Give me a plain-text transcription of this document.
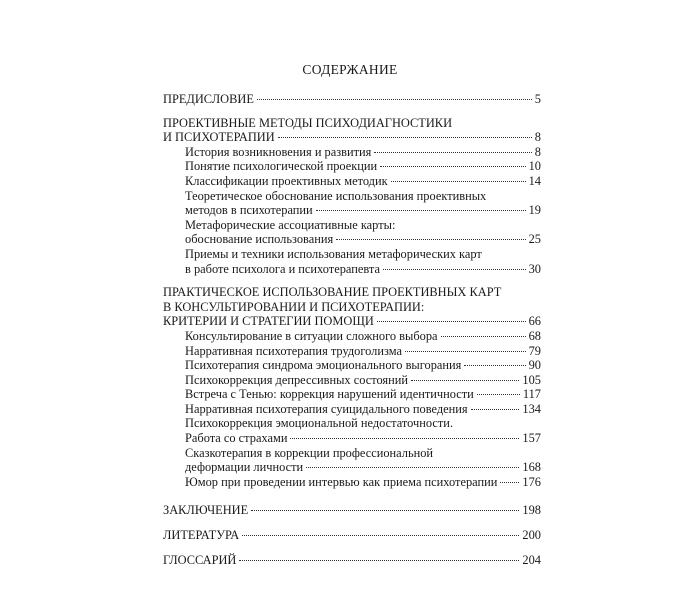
СОДЕРЖАНИЕ
ПРЕДИСЛОВИЕ	5
ПРОЕКТИВНЫЕ МЕТОДЫ ПСИХОДИАГНОСТИКИ
И ПСИХОТЕРАПИИ	8
История возникновения и развития	8
Понятие психологической проекции	10
Классификации проективных методик	14
Теоретическое обоснование использования проективных
методов в психотерапии	19
Метафорические ассоциативные карты:
обоснование использования	25
Приемы и техники использования метафорических карт
в работе психолога и психотерапевта	30
ПРАКТИЧЕСКОЕ ИСПОЛЬЗОВАНИЕ ПРОЕКТИВНЫХ КАРТ
В КОНСУЛЬТИРОВАНИИ И ПСИХОТЕРАПИИ:
КРИТЕРИИ И СТРАТЕГИИ ПОМОЩИ	66
Консультирование в ситуации сложного выбора	68
Нарративная психотерапия трудоголизма	79
Психотерапия синдрома эмоционального выгорания	90
Психокоррекция депрессивных состояний	105
Встреча с Тенью: коррекция нарушений идентичности	117
Нарративная психотерапия суицидального поведения	134
Психокоррекция эмоциональной недостаточности.
Работа со страхами	157
Сказкотерапия в коррекции профессиональной
деформации личности	168
Юмор при проведении интервью как приема психотерапии 176
ЗАКЛЮЧЕНИЕ	198
ЛИТЕРАТУРА	200
ГЛОССАРИЙ	204
